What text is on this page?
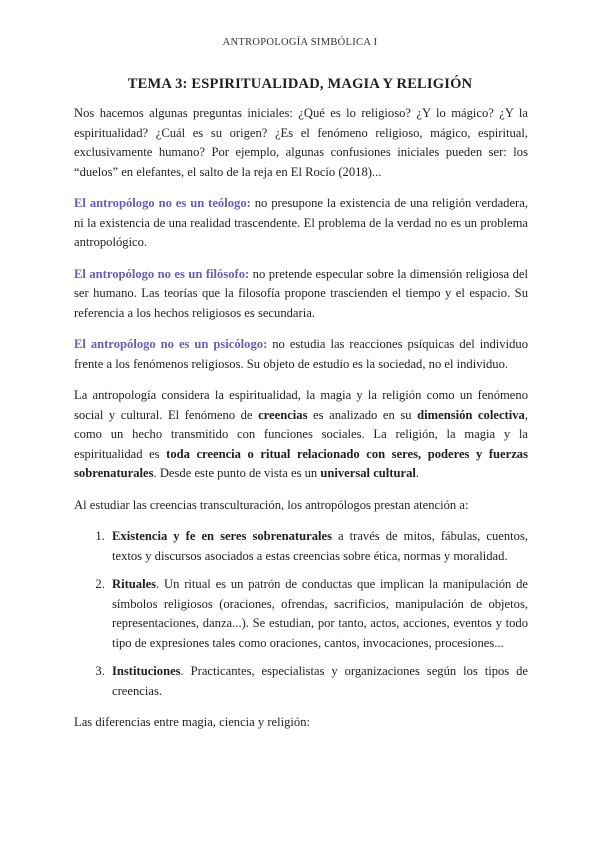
ANTROPOLOGÍA SIMBÓLICA I
TEMA 3: ESPIRITUALIDAD, MAGIA Y RELIGIÓN

Nos hacemos algunas preguntas iniciales: ¿Qué es lo religioso? ¿Y lo mágico? ¿Y la espiritualidad? ¿Cuál es su origen? ¿Es el fenómeno religioso, mágico, espiritual, exclusivamente humano? Por ejemplo, algunas confusiones iniciales pueden ser: los “duelos” en elefantes, el salto de la reja en El Rocío (2018)...

El antropólogo no es un teólogo: no presupone la existencia de una religión verdadera, ni la existencia de una realidad trascendente. El problema de la verdad no es un problema antropológico.

El antropólogo no es un filósofo: no pretende especular sobre la dimensión religiosa del ser humano. Las teorías que la filosofía propone trascienden el tiempo y el espacio. Su referencia a los hechos religiosos es secundaria.

El antropólogo no es un psicólogo: no estudia las reacciones psíquicas del individuo frente a los fenómenos religiosos. Su objeto de estudio es la sociedad, no el individuo.

La antropología considera la espiritualidad, la magia y la religión como un fenómeno social y cultural. El fenómeno de creencias es analizado en su dimensión colectiva, como un hecho transmitido con funciones sociales. La religión, la magia y la espiritualidad es toda creencia o ritual relacionado con seres, poderes y fuerzas sobrenaturales. Desde este punto de vista es un universal cultural.

Al estudiar las creencias transculturación, los antropólogos prestan atención a:

1. Existencia y fe en seres sobrenaturales a través de mitos, fábulas, cuentos, textos y discursos asociados a estas creencias sobre ética, normas y moralidad.
2. Rituales. Un ritual es un patrón de conductas que implican la manipulación de símbolos religiosos (oraciones, ofrendas, sacrificios, manipulación de objetos, representaciones, danza...). Se estudian, por tanto, actos, acciones, eventos y todo tipo de expresiones tales como oraciones, cantos, invocaciones, procesiones...
3. Instituciones. Practicantes, especialistas y organizaciones según los tipos de creencias.

Las diferencias entre magia, ciencia y religión:
